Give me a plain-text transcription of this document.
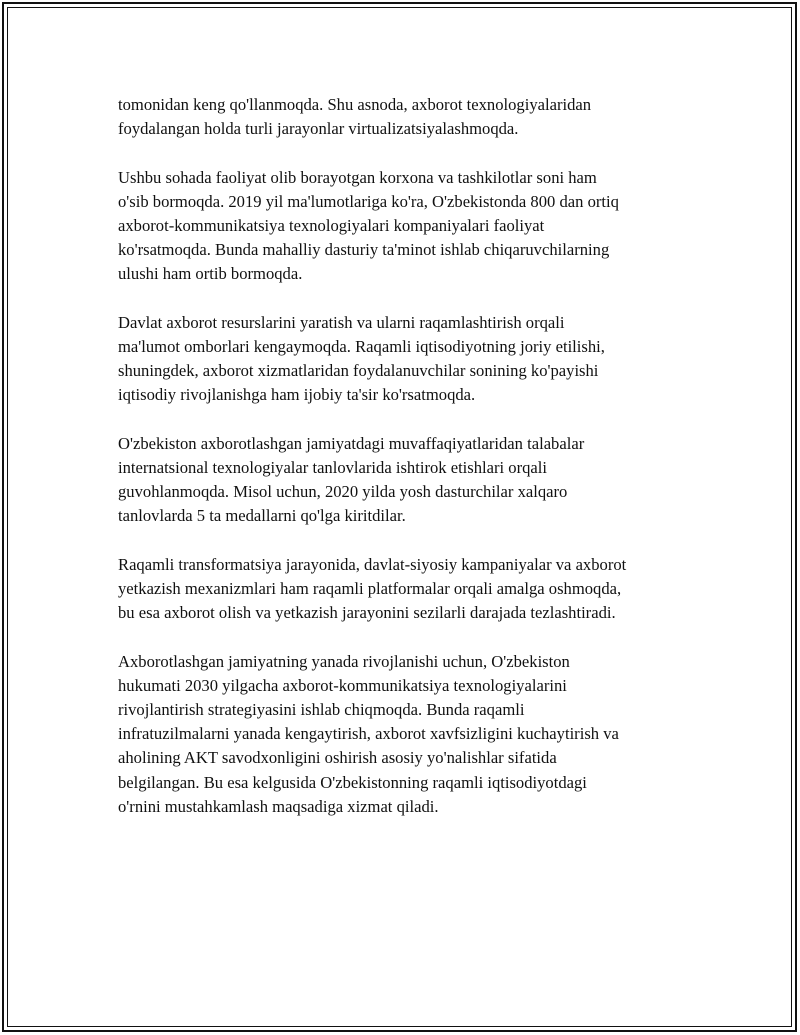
tomonidan keng qo'llanmoqda. Shu asnoda, axborot texnologiyalaridan
foydalangan holda turli jarayonlar virtualizatsiyalashmoqda.

Ushbu sohada faoliyat olib borayotgan korxona va tashkilotlar soni ham
o'sib bormoqda. 2019 yil ma'lumotlariga ko'ra, O'zbekistonda 800 dan ortiq
axborot-kommunikatsiya texnologiyalari kompaniyalari faoliyat
ko'rsatmoqda. Bunda mahalliy dasturiy ta'minot ishlab chiqaruvchilarning
ulushi ham ortib bormoqda.

Davlat axborot resurslarini yaratish va ularni raqamlashtirish orqali
ma'lumot omborlari kengaymoqda. Raqamli iqtisodiyotning joriy etilishi,
shuningdek, axborot xizmatlaridan foydalanuvchilar sonining ko'payishi
iqtisodiy rivojlanishga ham ijobiy ta'sir ko'rsatmoqda.

O'zbekiston axborotlashgan jamiyatdagi muvaffaqiyatlaridan talabalar
internatsional texnologiyalar tanlovlarida ishtirok etishlari orqali
guvohlanmoqda. Misol uchun, 2020 yilda yosh dasturchilar xalqaro
tanlovlarda 5 ta medallarni qo'lga kiritdilar.

Raqamli transformatsiya jarayonida, davlat-siyosiy kampaniyalar va axborot
yetkazish mexanizmlari ham raqamli platformalar orqali amalga oshmoqda,
bu esa axborot olish va yetkazish jarayonini sezilarli darajada tezlashtiradi.

Axborotlashgan jamiyatning yanada rivojlanishi uchun, O'zbekiston
hukumati 2030 yilgacha axborot-kommunikatsiya texnologiyalarini
rivojlantirish strategiyasini ishlab chiqmoqda. Bunda raqamli
infratuzilmalarni yanada kengaytirish, axborot xavfsizligini kuchaytirish va
aholining AKT savodxonligini oshirish asosiy yo'nalishlar sifatida
belgilangan. Bu esa kelgusida O'zbekistonning raqamli iqtisodiyotdagi
o'rnini mustahkamlash maqsadiga xizmat qiladi.
